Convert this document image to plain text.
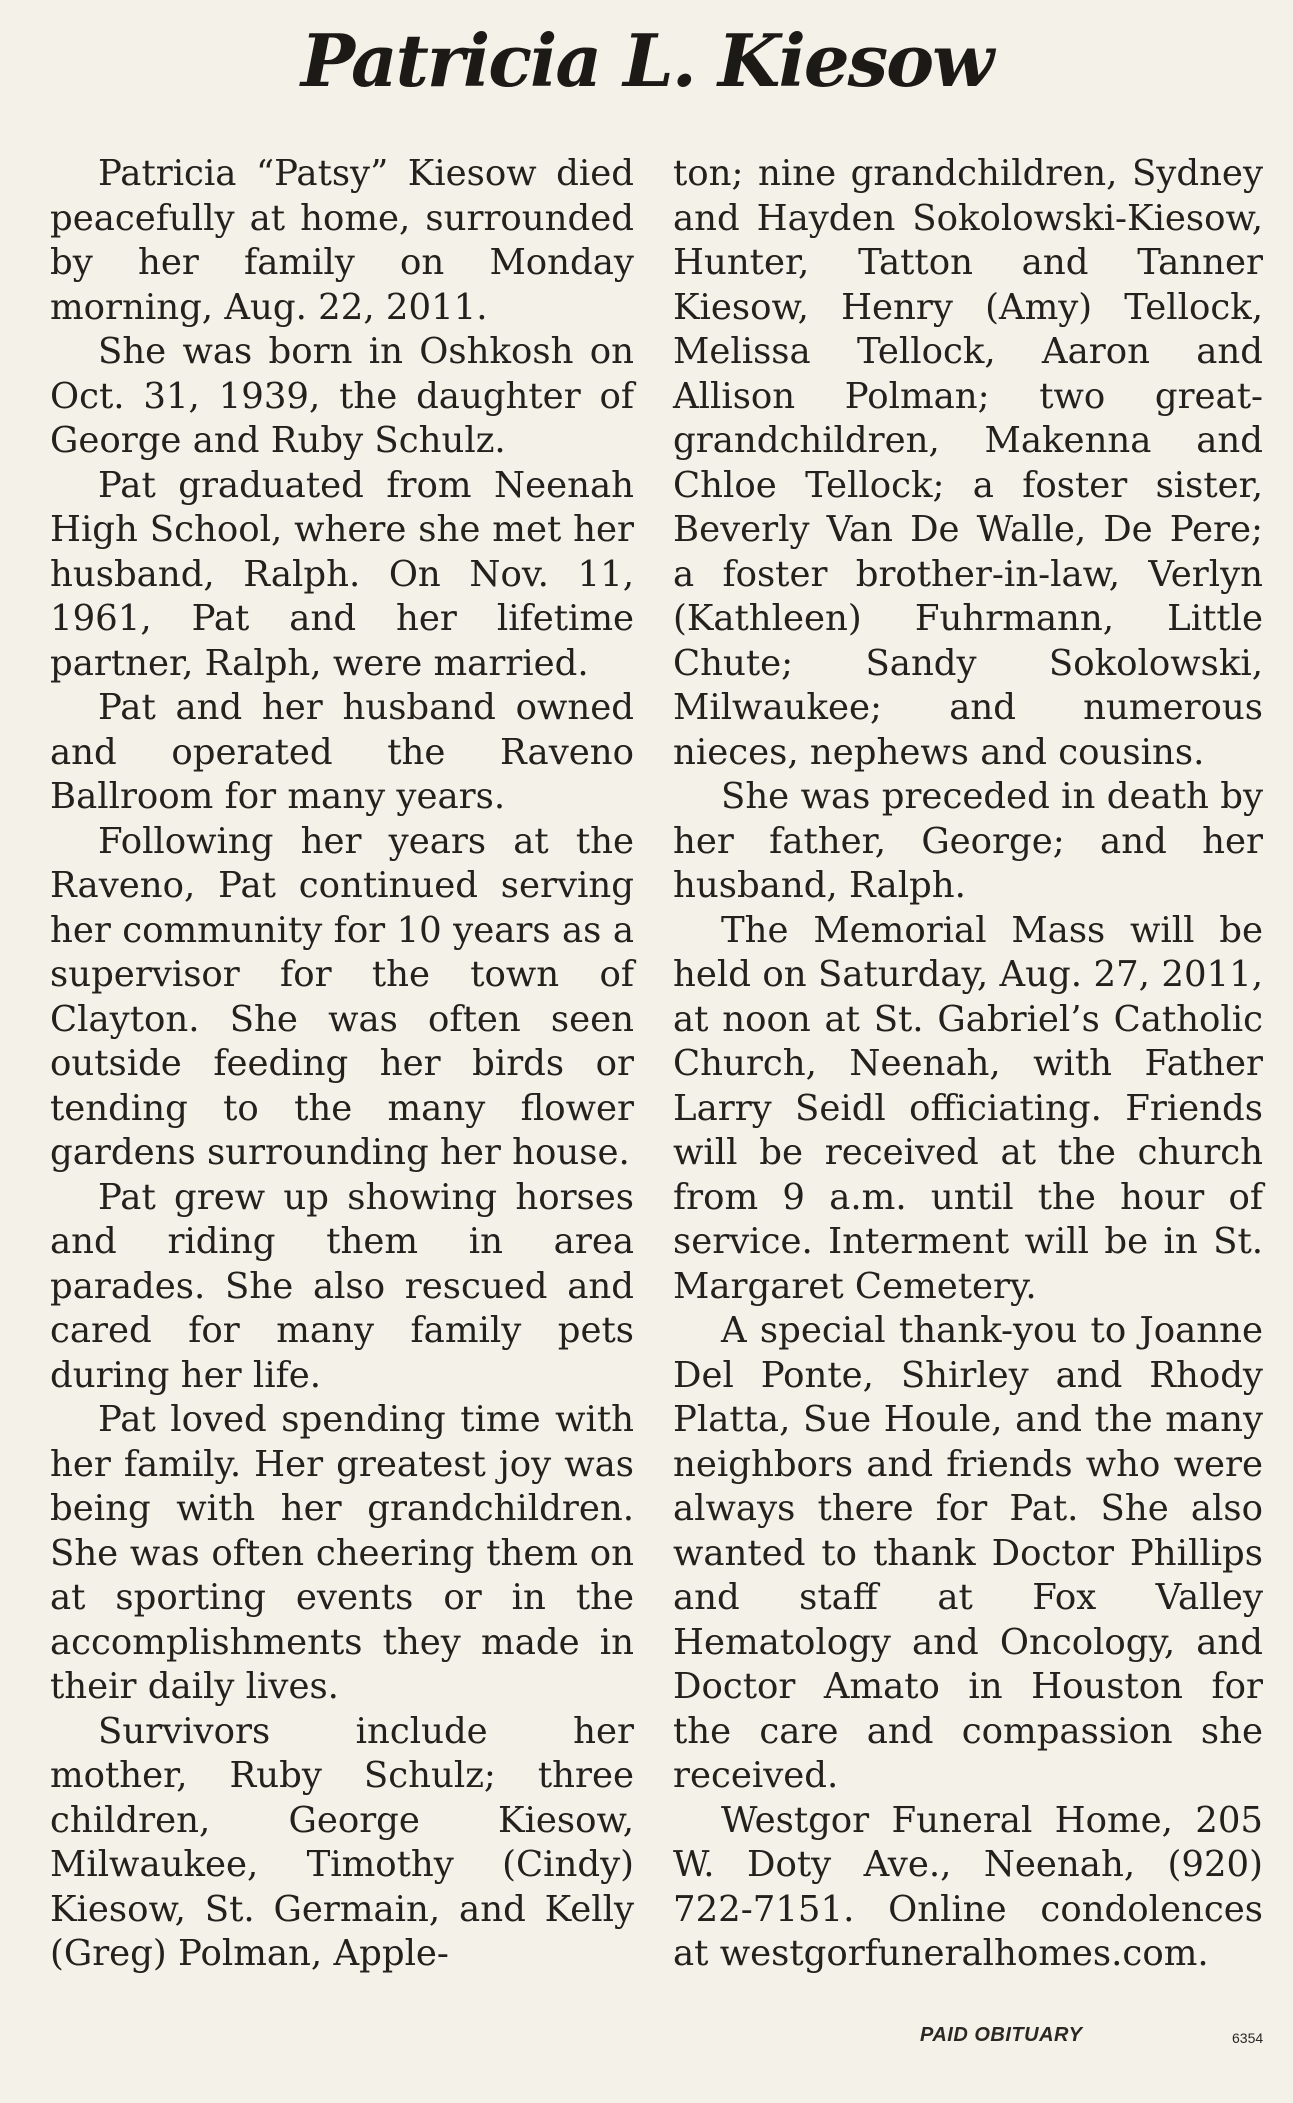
Patricia L. Kiesow

Patricia “Patsy” Kiesow died peacefully at home, surrounded by her family on Monday morning, Aug. 22, 2011.

She was born in Oshkosh on Oct. 31, 1939, the daughter of George and Ruby Schulz.

Pat graduated from Neenah High School, where she met her husband, Ralph. On Nov. 11, 1961, Pat and her lifetime partner, Ralph, were married.

Pat and her husband owned and operated the Raveno Ballroom for many years.

Following her years at the Raveno, Pat continued serving her community for 10 years as a supervisor for the town of Clayton. She was often seen outside feeding her birds or tending to the many flower gardens surrounding her house.

Pat grew up showing horses and riding them in area parades. She also rescued and cared for many family pets during her life.

Pat loved spending time with her family. Her greatest joy was being with her grandchildren. She was often cheering them on at sporting events or in the accomplishments they made in their daily lives.

Survivors include her mother, Ruby Schulz; three children, George Kiesow, Milwaukee, Timothy (Cindy) Kiesow, St. Germain, and Kelly (Greg) Polman, Apple-

ton; nine grandchildren, Sydney and Hayden Sokolowski-Kiesow, Hunter, Tatton and Tanner Kiesow, Henry (Amy) Tellock, Melissa Tellock, Aaron and Allison Polman; two great-grandchildren, Makenna and Chloe Tellock; a foster sister, Beverly Van De Walle, De Pere; a foster brother-in-law, Verlyn (Kathleen) Fuhrmann, Little Chute; Sandy Sokolowski, Milwaukee; and numerous nieces, nephews and cousins.

She was preceded in death by her father, George; and her husband, Ralph.

The Memorial Mass will be held on Saturday, Aug. 27, 2011, at noon at St. Gabriel’s Catholic Church, Neenah, with Father Larry Seidl officiating. Friends will be received at the church from 9 a.m. until the hour of service. Interment will be in St. Margaret Cemetery.

A special thank-you to Joanne Del Ponte, Shirley and Rhody Platta, Sue Houle, and the many neighbors and friends who were always there for Pat. She also wanted to thank Doctor Phillips and staff at Fox Valley Hematology and Oncology, and Doctor Amato in Houston for the care and compassion she received.

Westgor Funeral Home, 205 W. Doty Ave., Neenah, (920) 722-7151. Online condolences at westgorfuneralhomes.com.

PAID OBITUARY	6354
